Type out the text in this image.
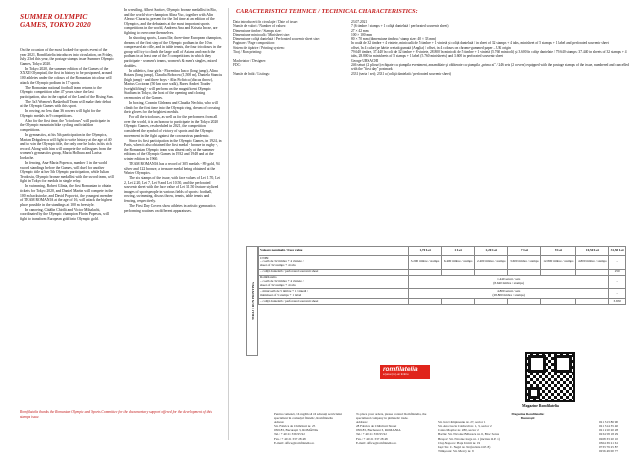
SUMMER OLYMPIC GAMES, TOKYO 2020

On the occasion of the most looked-for sports event of the year 2021, Romfilatelia introduces into circulation, on Friday, July 23rd this year, the postage stamps issue Summer Olympic Games, Tokyo 2020.

In Tokyo 2020, the summer edition of the Games of the XXXII Olympiad, the first in history to be postponed, around 100 athletes under the colours of the Romanian tricolour will attack the Olympic podium in 17 sports.

The Romanian national football team returns to the Olympic competition after 47 years since the last participation, also in the capital of the Land of the Rising Sun.

The 3x3 Women's Basketball Team will make their debut at the Olympic Games with this sport.

In rowing, no less than 36 rowers will fight for the Olympic medals in 9 competitions.

Also for the first time, the "tricolours" will participate in the Olympic mountain bike cycling and triathlon competitions.

In gymnastics, at his 5th participation in the Olympics, Marian Drăgulescu will fight to write history at the age of 40 and to win the Olympic title, the only one he lacks in his rich record. Along with him will compete the colleagues from the women's gymnastics group, Maria Holbura and Larisa Iordache.

In fencing, Ana-Maria Popescu, number 1 in the world sword standings before the Games, will duel for another Olympic title at her 5th Olympic participation, while Iulian Teodosiu, Olympic bronze medallist with the sword team, will fight in Tokyo for medals in single relay.

In swimming, Robert Glinta, the first Romanian to obtain tickets for Tokyo 2020, and Daniel Martin will compete in the 100 m backstroke, and David Popovici, the youngest member of TEAM ROMANIA at the age of 16, will attack the highest place possible in the standings at 100 m freestyle.

In canoeing, Cătălin Chirilă and Victor Mihalachi, coordinated by the Olympic champion Florin Popescu, will fight to transform European gold into Olympic gold.

In wrestling, Albert Saritov, Olympic bronze medallist in Rio, and the world vice-champion Alina Vuc, together with Alin Alexuc-Ciurariu, present for the 3rd time at an edition of the Olympics, and the debutants at the most important sports competitions in the world, Andreea Ana and Kriszta Incze, are fighting to overcome themselves.

In shooting sports, Laura Ilie, three-time European champion, dreams of the first step of the Olympic podium in the 10 m compressed air rifle, and in table tennis, the four tricolours in the group will try to climb the large wall of Asians and reach the podium in at least one of the 5 competitions in which they participate - women's teams, women's & men's singles, mixed doubles.

In athletics, four girls - Florentina Iusco (long jump), Alina Rotaru (long jump), Claudia Bobocea (1,500 m), Daniela Stanciu (high jump) - and three boys - Alin Firfirica (discus throw), Marius Cocioran (50 km race walk), Rares Andrei Toader (weightlifting) - will perform on the magnificent Olympic Stadium in Tokyo, the host of the opening and closing ceremonies of the Games.

In boxing, Cosmin Gîrleanu and Claudia Nechita, who will climb for the first time into the Olympic ring, dream of crossing their gloves for the brightest medals.

For all the tricolours, as well as for the performers from all over the world, it is an honour to participate in the Tokyo 2020 Olympic Games, rescheduled in 2021, the competition considered the symbol of victory of sports and the Olympic movement in the fight against the coronavirus pandemic.

Since its first participation in the Olympic Games, in 1924, in Paris, when it also obtained the first medal - bronze in rugby -, the Romanian Olympic team was absent only at the summer editions of the Olympic Games in 1932 and 1948 and at the winter edition in 1960.

TEAM ROMANIA has a record of 305 medals - 89 gold, 94 silver and 122 bronze, a treasure medal being obtained at the Winter Olympics.

The six stamps of the issue, with face values of Lei 1.70, Lei 2, Lei 2.20, Lei 7, Lei 9 and Lei 10.50, and the perforated souvenir sheet with the face value of Lei 31.50 feature stylized images of sportspeople in various fields of sports: football, rowing, swimming, discus throw, tennis, table tennis and fencing, respectively.

The First Day Covers show athletes in artistic gymnastics performing routines on different apparatuses.

Romfilatelia thanks the Romanian Olympic and Sports Committee for the documentary support offered for the development of this stamps issue.
CARACTERISTICI TEHNICE / TECHNICAL CHARACTERISTICS:
Data introducerii în circulaţie / Date of issue:	23.07.2021
Număr de valori / Number of values:	7 (6 timbre / stamps + 1 coliţă dantelată / perforated souvenir sheet)
Dimensiune timbre / Stamps size:	27 × 42 mm
Dimensiune minicoală / Minisheet size:	100 × 100 mm
Dimensiune coliţă dantelată / Perforated souvenir sheet size:	80 × 70 mm (dimensiune timbru / stamp size: 40 × 33 mm)
Paginare / Page composition:	în coală de 32 timbre + 4 viniete, minicoală de 5 timbre + 1 vinietă și coliță dantelată / in sheet of 32 stamps + 4 tabs, minisheet of 5 stamps + 1 label and perforated souvenir sheet
Sistem de tipărire / Printing system:	offset, în 4 culori pe hârtie cretată gumată (Anglia) / offset, in 4 colours on chrome-gummed paper – UK origin
Tiraj / Run printing:	79.640 timbre, 37.440 în coli de 32 timbre + 8 viniete, 28.800 în minicoli de 5 timbre + 1 vinietă (5.760 minicoli) şi 3.600 în coliţe dantelate / 79.640 stamps: 37.440 in sheets of 32 stamps + 4 tabs, 28.800 in minisheets of 5 stamps + 1 label (5.760 minisheets) and 3.600 in perforated souvenir sheet
Machetator / Designer:	George URSACHI
FDC:	246 seturi (2 plicuri) echipate cu ştampila eveniment, ansamblate şi obliterate cu ştampila „prima zi" / 246 sets (2 covers) equipped with the postage stamps of the issue, numbered and cancelled with the "first day" postmark
Număr de întâi / Listings:	2331 (seria / set); 2331 a (coliţă dantelată / perforated souvenir sheet)
TIRAJ / RUN PRINTING
Valoare nominală / Face value	1,70 Lei	2 Lei	2,20 Lei	7 Lei	9 Lei	10,50 Lei	31,50 Lei
CNPR
– coală de 32 timbre + 4 viniete /
sheet of 32 stamps + 4 tabs	3.200 timbre / stamps	6.400 timbre / stamps	2.400 timbre / stamps	3.600 timbre / stamps	12.800 timbre / stamps	4.800 timbre / stamps	–
– coliţă dantelată / perforated souvenir sheet							250
Romfilatelia
– coală de 32 timbre + 4 viniete /
sheet of 32 stamps + 4 tabs	1.440 seturi / sets
(8.640 timbre / stamps)						–
– minicoală de 5 timbre + 1 vinietă /
minisheet of 5 stamps + 1 label	4.800 seturi / sets
(28.800 timbre / stamps)						–
– coliţă dantelată / perforated souvenir sheet							3.650
romfilatelia
a ţuna (ro)-un timbru
Magazine Romfilatelia
Pentru comenzi, vă rugăm să vă adresaţi serviciului specializat în comerţul filatelic, Romfilatelia
Adresa:
Str. Fabrica de Chibrituri nr. 25
030183, Bucureşti 3, ROMÂNIA
Tel.: + 40 21 336 95 92
Fax.: + 40 21 337 28 48
E-mail: office@romfilatelia.ro
To place your orders, please contact Romfilatelia, the specialized company in philatelic trade.
Address:
28 Fabrica de Chibrituri Street
030183, Bucharest 3, ROMANIA
Tel.: + 40 21 336 95 92
Fax.: + 40 21 337 28 48
E-mail: office@romfilatelia.ro
Magazine Romfilatelia:
Bucureşti:
Str. Ion Câmpineanu nr. 27, sector 1	021 313 86 90
Str. Ana Lucia Caldwalt nr. 1, 3, sector 2	021 314 35 40
Calea Moşilor nr. 280, sector 2	021 210 20 28
Bacău: Str. Nicolae Bălcescu nr. 6, Bloc Sotus	0234 58 18 29
Braşov: Str. Nicolae Iorga nr. 1 (incinta O.P. 1)	0268 33 20 10
Cluj-Napoca: Piaţa Unirii nr. 19	0364 39 21 61
Iaşi: Str. C. Negri nr. 94 (incinta O.P. 8)	0733 79 25 87
Timişoara: Str. Mercy nr. 9	0256 49 00 77
